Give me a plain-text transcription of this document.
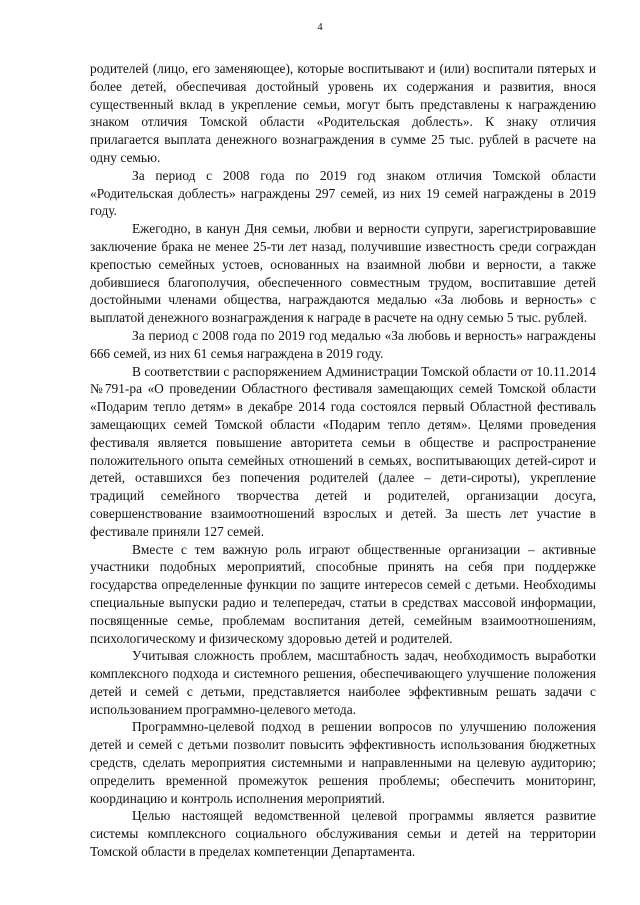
4

родителей (лицо, его заменяющее), которые воспитывают и (или) воспитали пятерых и более детей, обеспечивая достойный уровень их содержания и развития, внося существенный вклад в укрепление семьи, могут быть представлены к награждению знаком отличия Томской области «Родительская доблесть». К знаку отличия прилагается выплата денежного вознаграждения в сумме 25 тыс. рублей в расчете на одну семью.

За период с 2008 года по 2019 год знаком отличия Томской области «Родительская доблесть» награждены 297 семей, из них 19 семей награждены в 2019 году.

Ежегодно, в канун Дня семьи, любви и верности супруги, зарегистрировавшие заключение брака не менее 25-ти лет назад, получившие известность среди сограждан крепостью семейных устоев, основанных на взаимной любви и верности, а также добившиеся благополучия, обеспеченного совместным трудом, воспитавшие детей достойными членами общества, награждаются медалью «За любовь и верность» с выплатой денежного вознаграждения к награде в расчете на одну семью 5 тыс. рублей.

За период с 2008 года по 2019 год медалью «За любовь и верность» награждены 666 семей, из них 61 семья награждена в 2019 году.

В соответствии с распоряжением Администрации Томской области от 10.11.2014 №791-ра «О проведении Областного фестиваля замещающих семей Томской области «Подарим тепло детям» в декабре 2014 года состоялся первый Областной фестиваль замещающих семей Томской области «Подарим тепло детям». Целями проведения фестиваля является повышение авторитета семьи в обществе и распространение положительного опыта семейных отношений в семьях, воспитывающих детей-сирот и детей, оставшихся без попечения родителей (далее – дети-сироты), укрепление традиций семейного творчества детей и родителей, организации досуга, совершенствование взаимоотношений взрослых и детей. За шесть лет участие в фестивале приняли 127 семей.

Вместе с тем важную роль играют общественные организации – активные участники подобных мероприятий, способные принять на себя при поддержке государства определенные функции по защите интересов семей с детьми. Необходимы специальные выпуски радио и телепередач, статьи в средствах массовой информации, посвященные семье, проблемам воспитания детей, семейным взаимоотношениям, психологическому и физическому здоровью детей и родителей.

Учитывая сложность проблем, масштабность задач, необходимость выработки комплексного подхода и системного решения, обеспечивающего улучшение положения детей и семей с детьми, представляется наиболее эффективным решать задачи с использованием программно-целевого метода.

Программно-целевой подход в решении вопросов по улучшению положения детей и семей с детьми позволит повысить эффективность использования бюджетных средств, сделать мероприятия системными и направленными на целевую аудиторию; определить временной промежуток решения проблемы; обеспечить мониторинг, координацию и контроль исполнения мероприятий.

Целью настоящей ведомственной целевой программы является развитие системы комплексного социального обслуживания семьи и детей на территории Томской области в пределах компетенции Департамента.
